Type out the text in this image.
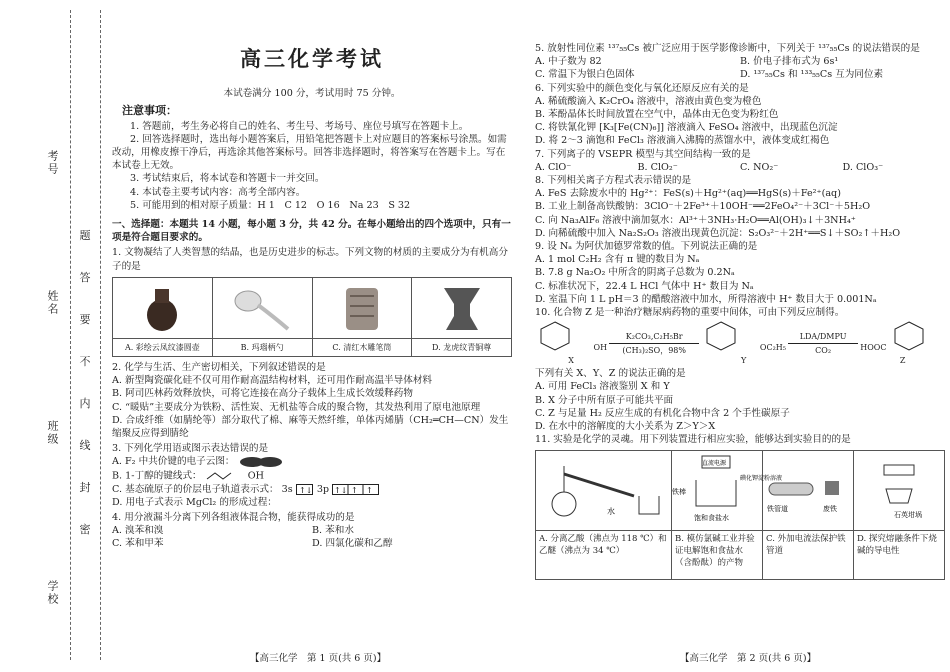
考号
姓名
班级
学校
题
答
要
不
内
线
封
密
高三化学考试

本试卷满分 100 分，考试用时 75 分钟。

注意事项：

1. 答题前，考生务必将自己的姓名、考生号、考场号、座位号填写在答题卡上。

2. 回答选择题时，选出每小题答案后，用铅笔把答题卡上对应题目的答案标号涂黑。如需改动，用橡皮擦干净后，再选涂其他答案标号。回答非选择题时，将答案写在答题卡上。写在本试卷上无效。

3. 考试结束后，将本试卷和答题卡一并交回。

4. 本试卷主要考试内容：高考全部内容。

5. 可能用到的相对原子质量：H 1　C 12　O 16　Na 23　S 32

一、选择题：本题共 14 小题，每小题 3 分，共 42 分。在每小题给出的四个选项中，只有一项是符合题目要求的。

1. 文物凝结了人类智慧的结晶，也是历史进步的标志。下列文物的材质的主要成分为有机高分子的是

A. 彩绘云凤纹漆圆壶	B. 玛瑙柄勺	C. 清红木雕笔筒	D. 龙虎纹青铜尊

2. 化学与生活、生产密切相关，下列叙述错误的是

A. 新型陶瓷碳化硅不仅可用作耐高温结构材料，还可用作耐高温半导体材料

B. 阿司匹林药效释放快，可将它连接在高分子载体上生成长效缓释药物

C. “暖贴”主要成分为铁粉、活性炭、无机盐等合成的聚合物，其发热利用了原电池原理

D. 合成纤维（如腈纶等）部分取代了棉、麻等天然纤维，单体丙烯腈（CH₂═CH—CN）发生缩聚反应得到腈纶

3. 下列化学用语或图示表达错误的是

A. F₂ 中共价键的电子云图：

B. 1-丁醇的键线式：	OH

C. 基态硫原子的价层电子轨道表示式： 3s ↑↓ 3p ↑↓ ↑ ↑

D. 用电子式表示 MgCl₂ 的形成过程：

4. 用分液漏斗分离下列各组液体混合物，能获得成功的是

A. 溴苯和溴	B. 苯和水
C. 苯和甲苯	D. 四氯化碳和乙醇
【高三化学　第 1 页(共 6 页)】

5. 放射性同位素 ¹³⁷₅₅Cs 被广泛应用于医学影像诊断中，下列关于 ¹³⁷₅₅Cs 的说法错误的是

A. 中子数为 82	B. 价电子排布式为 6s¹
C. 常温下为银白色固体	D. ¹³⁷₅₅Cs 和 ¹³³₅₅Cs 互为同位素

6. 下列实验中的颜色变化与氧化还原反应有关的是

A. 稀硫酸滴入 K₂CrO₄ 溶液中，溶液由黄色变为橙色

B. 苯酚晶体长时间放置在空气中，晶体由无色变为粉红色

C. 将铁氰化钾 [K₃[Fe(CN)₆]] 溶液滴入 FeSO₄ 溶液中，出现蓝色沉淀

D. 将 2～3 滴饱和 FeCl₃ 溶液滴入沸腾的蒸馏水中，液体变成红褐色

7. 下列离子的 VSEPR 模型与其空间结构一致的是

A. ClO⁻	B. ClO₂⁻	C. NO₂⁻	D. ClO₃⁻

8. 下列相关离子方程式表示错误的是

A. FeS 去除废水中的 Hg²⁺：FeS(s)＋Hg²⁺(aq)══HgS(s)＋Fe²⁺(aq)

B. 工业上制备高铁酸钠：3ClO⁻＋2Fe³⁺＋10OH⁻══2FeO₄²⁻＋3Cl⁻＋5H₂O

C. 向 Na₃AlF₆ 溶液中滴加氨水：Al³⁺＋3NH₃·H₂O══Al(OH)₃↓＋3NH₄⁺

D. 向稀硫酸中加入 Na₂S₂O₃ 溶液出现黄色沉淀：S₂O₃²⁻＋2H⁺══S↓＋SO₂↑＋H₂O

9. 设 Nₐ 为阿伏加德罗常数的值。下列说法正确的是

A. 1 mol C₂H₂ 含有 π 键的数目为 Nₐ

B. 7.8 g Na₂O₂ 中所含的阴离子总数为 0.2Nₐ

C. 标准状况下，22.4 L HCl 气体中 H⁺ 数目为 Nₐ

D. 室温下向 1 L pH＝3 的醋酸溶液中加水，所得溶液中 H⁺ 数目大于 0.001Nₐ

10. 化合物 Z 是一种治疗糖尿病药物的重要中间体，可由下列反应制得。

OH
X
K₂CO₃,C₂H₅Br
(CH₃)₂SO，98%	OC₂H₅
Y
LDA/DMPU
CO₂	HOOC
Z

下列有关 X、Y、Z 的说法正确的是

A. 可用 FeCl₃ 溶液鉴别 X 和 Y

B. X 分子中所有原子可能共平面

C. Z 与足量 H₂ 反应生成的有机化合物中含 2 个手性碳原子

D. 在水中的溶解度的大小关系为 Z＞Y＞X

11. 实验是化学的灵魂。用下列装置进行相应实验，能够达到实验目的的是

水
A. 分离乙酸（沸点为 118 ℃）和乙醚（沸点为 34 ℃）
直流电源
铁棒
饱和食盐水
碘化钾淀粉溶液
B. 模仿氯碱工业并验证电解饱和食盐水（含酚酞）的产物
铁管道	废铁
C. 外加电流法保护铁管道
石英坩埚
D. 探究熔融条件下烧碱的导电性
【高三化学　第 2 页(共 6 页)】
